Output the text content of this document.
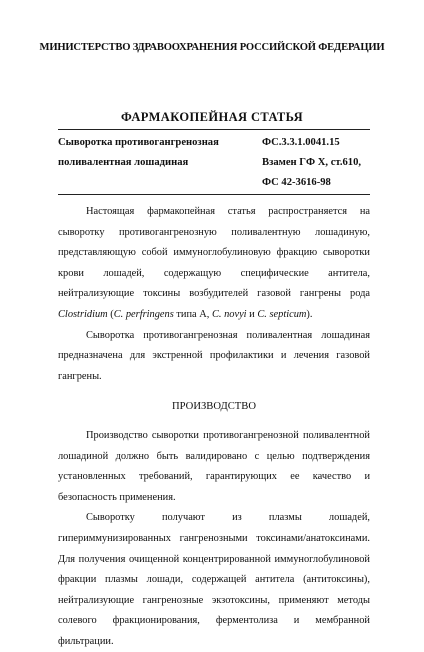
МИНИСТЕРСТВО ЗДРАВООХРАНЕНИЯ РОССИЙСКОЙ ФЕДЕРАЦИИ
ФАРМАКОПЕЙНАЯ СТАТЬЯ
Сыворотка противогангренозная
поливалентная лошадиная
ФС.3.3.1.0041.15
Взамен ГФ X, ст.610,
ФС 42-3616-98

Настоящая фармакопейная статья распространяется на сыворотку противогангренозную поливалентную лошадиную, представляющую собой иммуноглобулиновую фракцию сыворотки крови лошадей, содержащую специфические антитела, нейтрализующие токсины возбудителей газовой гангрены рода Clostridium (C. perfringens типа А, C. novyi и C. septicum).

Сыворотка противогангренозная поливалентная лошадиная предназначена для экстренной профилактики и лечения газовой гангрены.

ПРОИЗВОДСТВО

Производство сыворотки противогангренозной поливалентной лошадиной должно быть валидировано с целью подтверждения установленных требований, гарантирующих ее качество и безопасность применения.

Сыворотку получают из плазмы лошадей, гипериммунизированных гангренозными токсинами/анатоксинами. Для получения очищенной концентрированной иммуноглобулиновой фракции плазмы лошади, содержащей антитела (антитоксины), нейтрализующие гангренозные экзотоксины, применяют методы солевого фракционирования, ферментолиза и мембранной фильтрации.
